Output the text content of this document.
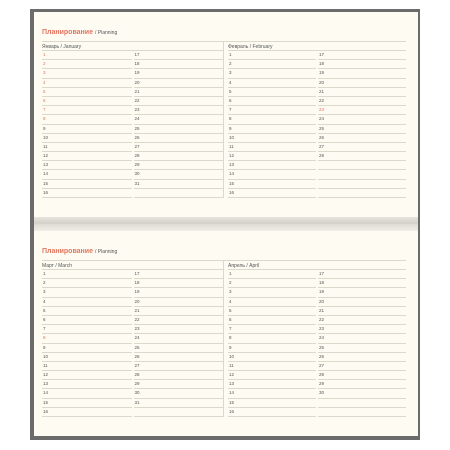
Планирование / Planning
Январь / January
1
2
3
4
5
6
7
8
9
10
11
12
13
14
15
16
17
18
19
20
21
22
23
24
25
26
27
28
29
30
31
Февраль / February
1
2
3
4
5
6
7
8
9
10
11
12
13
14
15
16
17
18
19
20
21
22
23
24
25
26
27
28
Планирование / Planning
Март / March
1
2
3
4
5
6
7
8
9
10
11
12
13
14
15
16
17
18
19
20
21
22
23
24
25
26
27
28
29
30
31
Апрель / April
1
2
3
4
5
6
7
8
9
10
11
12
13
14
15
16
17
18
19
20
21
22
23
24
25
26
27
28
29
30
